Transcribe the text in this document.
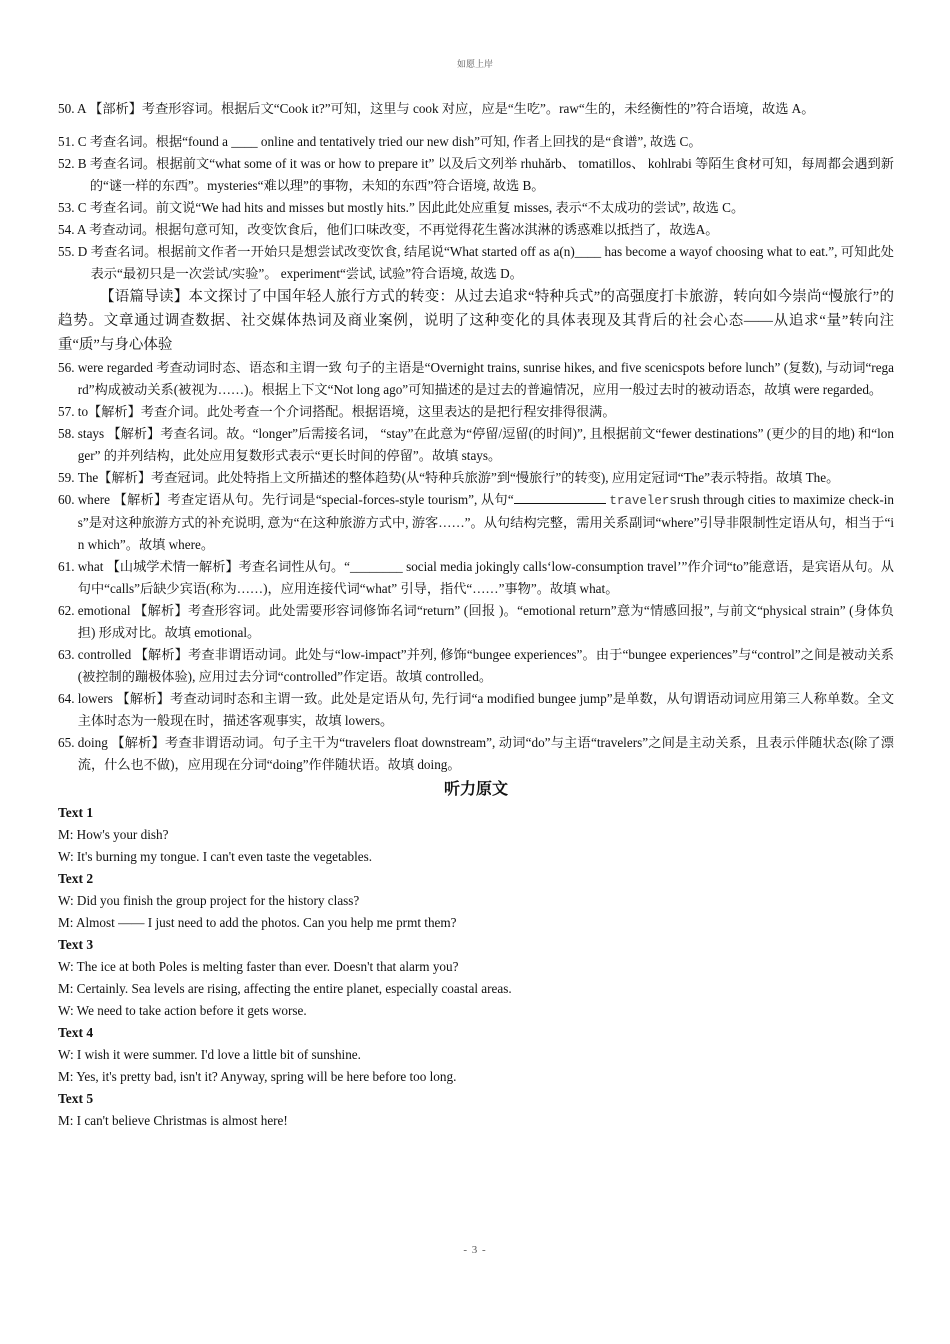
如愿上岸
50. A 【部析】考查形容词。根据后文“Cook it?”可知，这里与 cook 对应，应是“生吃”。raw“生的，未经衡性的”符合语境，故选 A。
51. C 考查名词。根据“found a ____ online and tentatively tried our new dish”可知, 作者上回找的是“食谱”, 故选 C。
52. B 考查名词。根据前文“what some of it was or how to prepare it” 以及后文列举 rhuhărb、 tomatillos、 kohlrabi 等陌生食材可知，每周都会遇到新的“谜一样的东西”。mysteries“难以理”的事物，未知的东西”符合语境, 故选 B。
53. C 考查名词。前文说“We had hits and misses but mostly hits.” 因此此处应重复 misses, 表示“不太成功的尝试”, 故选 C。
54. A 考查动词。根据句意可知，改变饮食后，他们口味改变，不再觉得花生酱冰淇淋的诱惑难以抵挡了，故选A。
55. D 考查名词。根据前文作者一开始只是想尝试改变饮食, 结尾说“What started off as a(n)____ has become a wayof choosing what to eat.”, 可知此处表示“最初只是一次尝试/实验”。 experiment“尝试, 试验”符合语境, 故选 D。

【语篇导读】本文探讨了中国年轻人旅行方式的转变：从过去追求“特种兵式”的高强度打卡旅游，转向如今崇尚“慢旅行”的趋势。文章通过调查数据、社交媒体热词及商业案例，说明了这种变化的具体表现及其背后的社会心态——从追求“量”转向注重“质”与身心体验

56. were regarded 考查动词时态、语态和主谓一致 句子的主语是“Overnight trains, sunrise hikes, and five scenicspots before lunch” (复数), 与动词“regard”构成被动关系(被视为……)。根据上下文“Not long ago”可知描述的是过去的普遍情况，应用一般过去时的被动语态，故填 were regarded。
57. to【解析】考查介词。此处考查一个介词搭配。根据语境，这里表达的是把行程安排得很满。
58. stays 【解析】考查名词。故。“longer”后需接名词， “stay”在此意为“停留/逗留(的时间)”, 且根据前文“fewer destinations” (更少的目的地) 和“longer” 的并列结构，此处应用复数形式表示“更长时间的停留”。故填 stays。
59. The【解析】考查冠词。此处特指上文所描述的整体趋势(从“特种兵旅游”到“慢旅行”的转变), 应用定冠词“The”表示特指。故填 The。
60. where 【解析】考查定语从句。先行词是“special-forces-style tourism”, 从句“	travelersrush through cities to maximize check-ins”是对这种旅游方式的补充说明, 意为“在这种旅游方式中, 游客……”。从句结构完整，需用关系副词“where”引导非限制性定语从句，相当于“in which”。故填 where。
61. what 【山城学术情一解析】考查名词性从句。“________ social media jokingly calls‘low-consumption travel’”作介词“to”能意语，是宾语从句。从句中“calls”后缺少宾语(称为……)，应用连接代词“what” 引导，指代“……”事物”。故填 what。
62. emotional 【解析】考查形容词。此处需要形容词修饰名词“return” (回报 )。“emotional return”意为“情感回报”, 与前文“physical strain” (身体负担) 形成对比。故填 emotional。
63. controlled 【解析】考查非谓语动词。此处与“low-impact”并列, 修饰“bungee experiences”。由于“bungee experiences”与“control”之间是被动关系(被控制的蹦极体验), 应用过去分词“controlled”作定语。故填 controlled。
64. lowers 【解析】考查动词时态和主谓一致。此处是定语从句, 先行词“a modified bungee jump”是单数，从句谓语动词应用第三人称单数。全文主体时态为一般现在时，描述客观事实，故填 lowers。
65. doing 【解析】考查非谓语动词。句子主干为“travelers float downstream”, 动词“do”与主语“travelers”之间是主动关系，且表示伴随状态(除了漂流，什么也不做)，应用现在分词“doing”作伴随状语。故填 doing。

听力原文

Text 1

M: How's your dish?

W: It's burning my tongue. I can't even taste the vegetables.

Text 2

W: Did you finish the group project for the history class?

M: Almost —— I just need to add the photos. Can you help me prmt them?

Text 3

W: The ice at both Poles is melting faster than ever. Doesn't that alarm you?

M: Certainly. Sea levels are rising, affecting the entire planet, especially coastal areas.

W: We need to take action before it gets worse.

Text 4

W: I wish it were summer. I'd love a little bit of sunshine.

M: Yes, it's pretty bad, isn't it? Anyway, spring will be here before too long.

Text 5

M: I can't believe Christmas is almost here!

- 3 -
